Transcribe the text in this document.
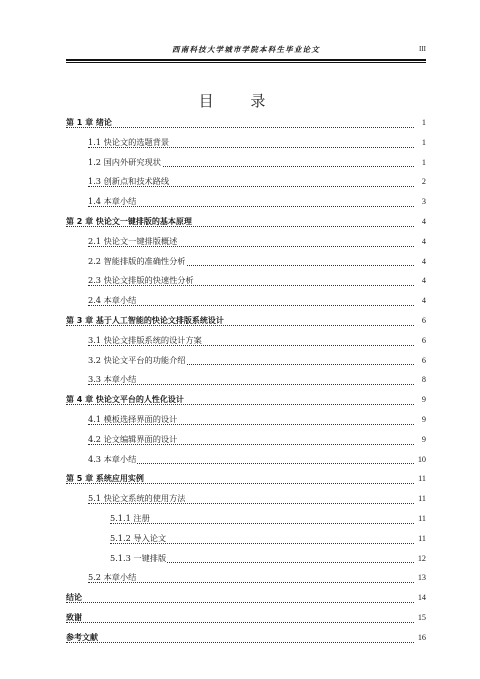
西南科技大学城市学院本科生毕业论文	III
目 录
第 1 章 绪论	1
1.1 快论文的选题背景	1
1.2 国内外研究现状	1
1.3 创新点和技术路线	2
1.4 本章小结	3
第 2 章 快论文一键排版的基本原理	4
2.1 快论文一键排版概述	4
2.2 智能排版的准确性分析	4
2.3 快论文排版的快速性分析	4
2.4 本章小结	4
第 3 章 基于人工智能的快论文排版系统设计	6
3.1 快论文排版系统的设计方案	6
3.2 快论文平台的功能介绍	6
3.3 本章小结	8
第 4 章 快论文平台的人性化设计	9
4.1 模板选择界面的设计	9
4.2 论文编辑界面的设计	9
4.3 本章小结	10
第 5 章 系统应用实例	11
5.1 快论文系统的使用方法	11
5.1.1 注册	11
5.1.2 导入论文	11
5.1.3 一键排版	12
5.2 本章小结	13
结论	14
致谢	15
参考文献	16
